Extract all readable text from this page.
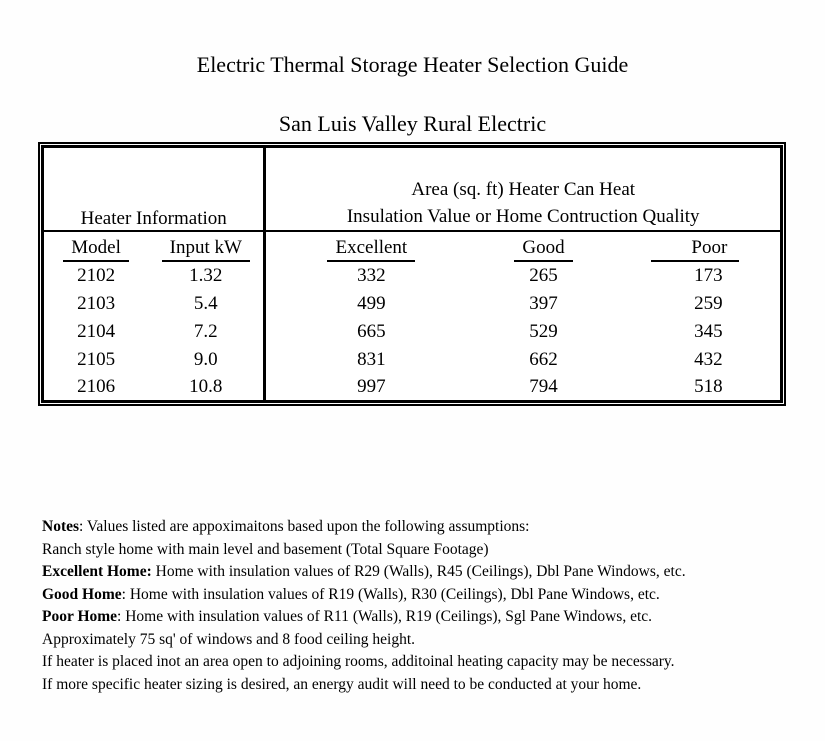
Electric Thermal Storage Heater Selection Guide
San Luis Valley Rural Electric
Heater Information		Area (sq. ft) Heater Can Heat
Insulation Value or Home Contruction Quality		

Model	Input kW	Excellent	Good	Poor
2102	1.32	332	265	173
2103	5.4	499	397	259
2104	7.2	665	529	345
2105	9.0	831	662	432
2106	10.8	997	794	518

Notes: Values listed are appoximaitons based upon the following assumptions:

Ranch style home with main level and basement (Total Square Footage)

Excellent Home: Home with insulation values of R29 (Walls), R45 (Ceilings), Dbl Pane Windows, etc.

Good Home: Home with insulation values of R19 (Walls), R30 (Ceilings), Dbl Pane Windows, etc.

Poor Home: Home with insulation values of R11 (Walls), R19 (Ceilings), Sgl Pane Windows, etc.

Approximately 75 sq' of windows and 8 food ceiling height.

If heater is placed inot an area open to adjoining rooms, additoinal heating capacity may be necessary.

If more specific heater sizing is desired, an energy audit will need to be conducted at your home.
